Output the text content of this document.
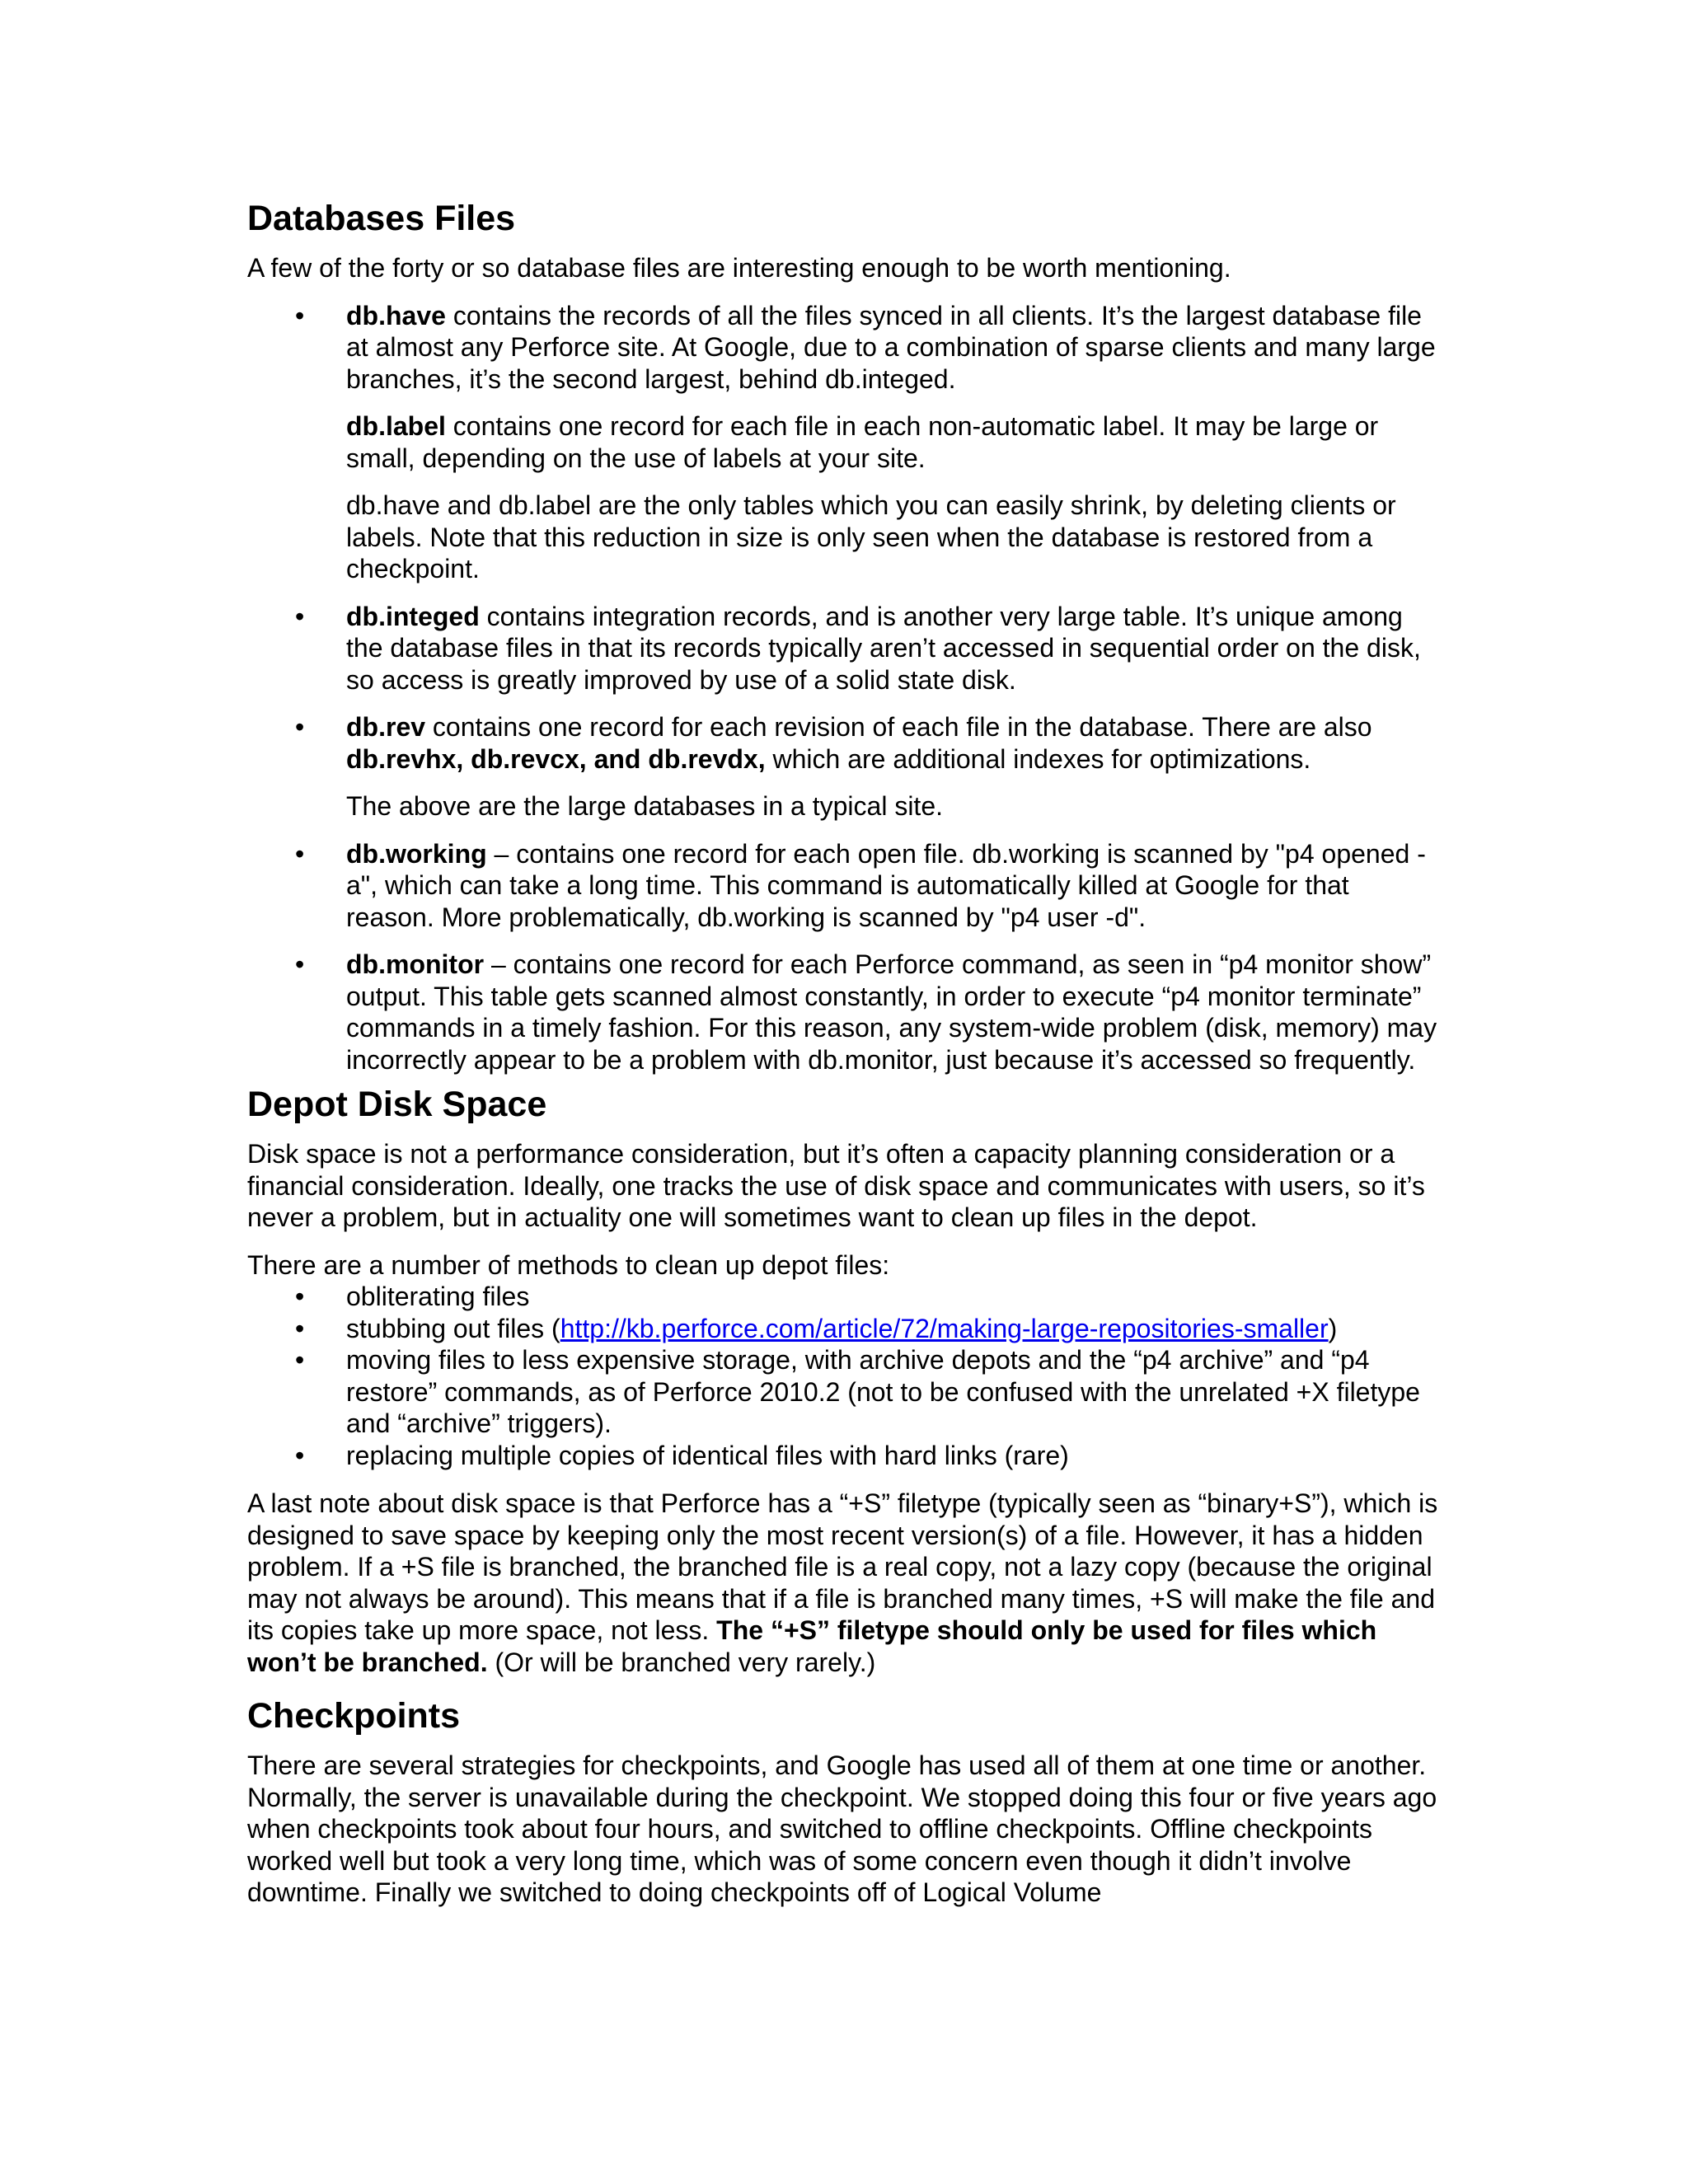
Databases Files

A few of the forty or so database files are interesting enough to be worth mentioning.

• db.have contains the records of all the files synced in all clients. It’s the largest database file at almost any Perforce site. At Google, due to a combination of sparse clients and many large branches, it’s the second largest, behind db.integed.

db.label contains one record for each file in each non-automatic label. It may be large or small, depending on the use of labels at your site.

db.have and db.label are the only tables which you can easily shrink, by deleting clients or labels. Note that this reduction in size is only seen when the database is restored from a checkpoint.

• db.integed contains integration records, and is another very large table. It’s unique among the database files in that its records typically aren’t accessed in sequential order on the disk, so access is greatly improved by use of a solid state disk.

• db.rev contains one record for each revision of each file in the database. There are also db.revhx, db.revcx, and db.revdx, which are additional indexes for optimizations.

The above are the large databases in a typical site.

• db.working – contains one record for each open file. db.working is scanned by "p4 opened -a", which can take a long time. This command is automatically killed at Google for that reason. More problematically, db.working is scanned by "p4 user -d".

• db.monitor – contains one record for each Perforce command, as seen in “p4 monitor show” output. This table gets scanned almost constantly, in order to execute “p4 monitor terminate” commands in a timely fashion. For this reason, any system-wide problem (disk, memory) may incorrectly appear to be a problem with db.monitor, just because it’s accessed so frequently.

Depot Disk Space

Disk space is not a performance consideration, but it’s often a capacity planning consideration or a financial consideration. Ideally, one tracks the use of disk space and communicates with users, so it’s never a problem, but in actuality one will sometimes want to clean up files in the depot.

There are a number of methods to clean up depot files:

• obliterating files

• stubbing out files (http://kb.perforce.com/article/72/making-large-repositories-smaller)

• moving files to less expensive storage, with archive depots and the “p4 archive” and “p4 restore” commands, as of Perforce 2010.2 (not to be confused with the unrelated +X filetype and “archive” triggers).

• replacing multiple copies of identical files with hard links (rare)

A last note about disk space is that Perforce has a “+S” filetype (typically seen as “binary+S”), which is designed to save space by keeping only the most recent version(s) of a file. However, it has a hidden problem. If a +S file is branched, the branched file is a real copy, not a lazy copy (because the original may not always be around). This means that if a file is branched many times, +S will make the file and its copies take up more space, not less. The “+S” filetype should only be used for files which won’t be branched. (Or will be branched very rarely.)

Checkpoints

There are several strategies for checkpoints, and Google has used all of them at one time or another. Normally, the server is unavailable during the checkpoint. We stopped doing this four or five years ago when checkpoints took about four hours, and switched to offline checkpoints. Offline checkpoints worked well but took a very long time, which was of some concern even though it didn’t involve downtime. Finally we switched to doing checkpoints off of Logical Volume
